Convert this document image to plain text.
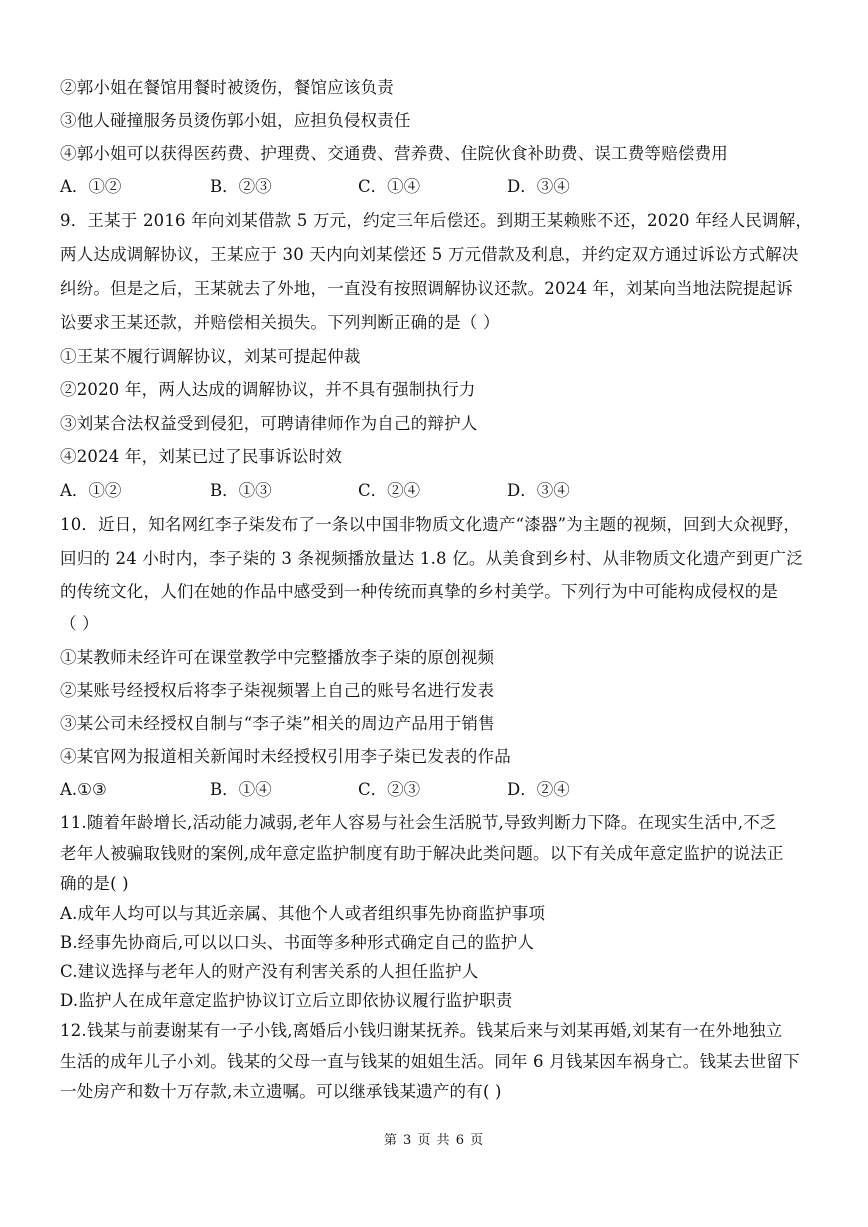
②郭小姐在餐馆用餐时被烫伤，餐馆应该负责
③他人碰撞服务员烫伤郭小姐，应担负侵权责任
④郭小姐可以获得医药费、护理费、交通费、营养费、住院伙食补助费、误工费等赔偿费用
A．①②	B．②③	C．①④	D．③④
9．王某于 2016 年向刘某借款 5 万元，约定三年后偿还。到期王某赖账不还，2020 年经人民调解，
两人达成调解协议，王某应于 30 天内向刘某偿还 5 万元借款及利息，并约定双方通过诉讼方式解决
纠纷。但是之后，王某就去了外地，一直没有按照调解协议还款。2024 年，刘某向当地法院提起诉
讼要求王某还款，并赔偿相关损失。下列判断正确的是（ ）
①王某不履行调解协议，刘某可提起仲裁
②2020 年，两人达成的调解协议，并不具有强制执行力
③刘某合法权益受到侵犯，可聘请律师作为自己的辩护人
④2024 年，刘某已过了民事诉讼时效
A．①②	B．①③	C．②④	D．③④
10．近日，知名网红李子柒发布了一条以中国非物质文化遗产“漆器”为主题的视频，回到大众视野，
回归的 24 小时内，李子柒的 3 条视频播放量达 1.8 亿。从美食到乡村、从非物质文化遗产到更广泛
的传统文化，人们在她的作品中感受到一种传统而真挚的乡村美学。下列行为中可能构成侵权的是
（ ）
①某教师未经许可在课堂教学中完整播放李子柒的原创视频
②某账号经授权后将李子柒视频署上自己的账号名进行发表
③某公司未经授权自制与“李子柒”相关的周边产品用于销售
④某官网为报道相关新闻时未经授权引用李子柒已发表的作品
A.①③	B．①④	C．②③	D．②④
11.随着年龄增长,活动能力减弱,老年人容易与社会生活脱节,导致判断力下降。在现实生活中,不乏
老年人被骗取钱财的案例,成年意定监护制度有助于解决此类问题。以下有关成年意定监护的说法正
确的是( )
A.成年人均可以与其近亲属、其他个人或者组织事先协商监护事项
B.经事先协商后,可以以口头、书面等多种形式确定自己的监护人
C.建议选择与老年人的财产没有利害关系的人担任监护人
D.监护人在成年意定监护协议订立后立即依协议履行监护职责
12.钱某与前妻谢某有一子小钱,离婚后小钱归谢某抚养。钱某后来与刘某再婚,刘某有一在外地独立
生活的成年儿子小刘。钱某的父母一直与钱某的姐姐生活。同年 6 月钱某因车祸身亡。钱某去世留下
一处房产和数十万存款,未立遗嘱。可以继承钱某遗产的有( )
第 3 页 共 6 页
